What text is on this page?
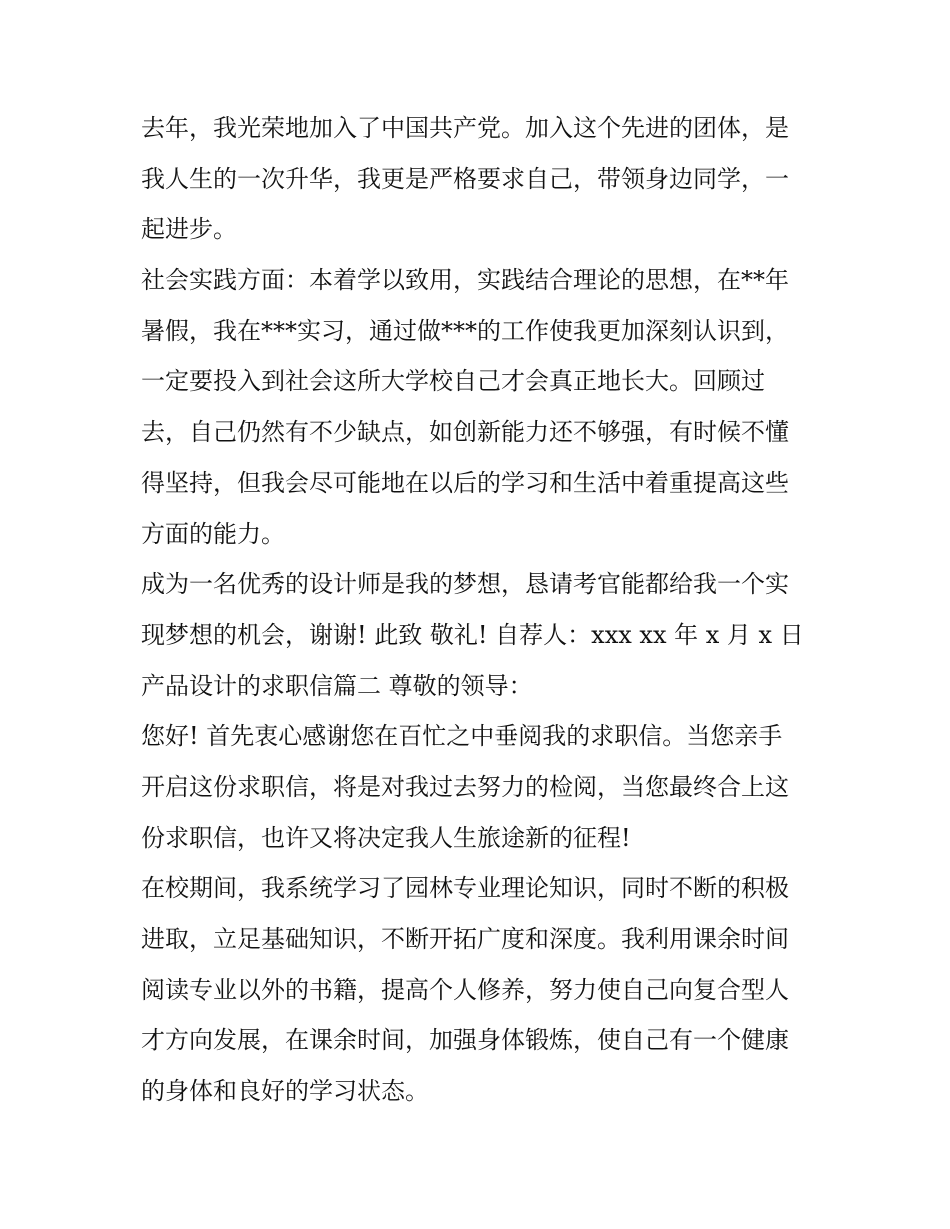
去年，我光荣地加入了中国共产党。加入这个先进的团体，是
我人生的一次升华，我更是严格要求自己，带领身边同学，一
起进步。
社会实践方面：本着学以致用，实践结合理论的思想，在**年
暑假，我在***实习，通过做***的工作使我更加深刻认识到，
一定要投入到社会这所大学校自己才会真正地长大。回顾过
去，自己仍然有不少缺点，如创新能力还不够强，有时候不懂
得坚持，但我会尽可能地在以后的学习和生活中着重提高这些
方面的能力。
成为一名优秀的设计师是我的梦想，恳请考官能都给我一个实
现梦想的机会，谢谢! 此致 敬礼! 自荐人：xxx xx 年 x 月 x 日
产品设计的求职信篇二 尊敬的领导：
您好! 首先衷心感谢您在百忙之中垂阅我的求职信。当您亲手
开启这份求职信，将是对我过去努力的检阅，当您最终合上这
份求职信，也许又将决定我人生旅途新的征程!
在校期间，我系统学习了园林专业理论知识，同时不断的积极
进取，立足基础知识，不断开拓广度和深度。我利用课余时间
阅读专业以外的书籍，提高个人修养，努力使自己向复合型人
才方向发展，在课余时间，加强身体锻炼，使自己有一个健康
的身体和良好的学习状态。
